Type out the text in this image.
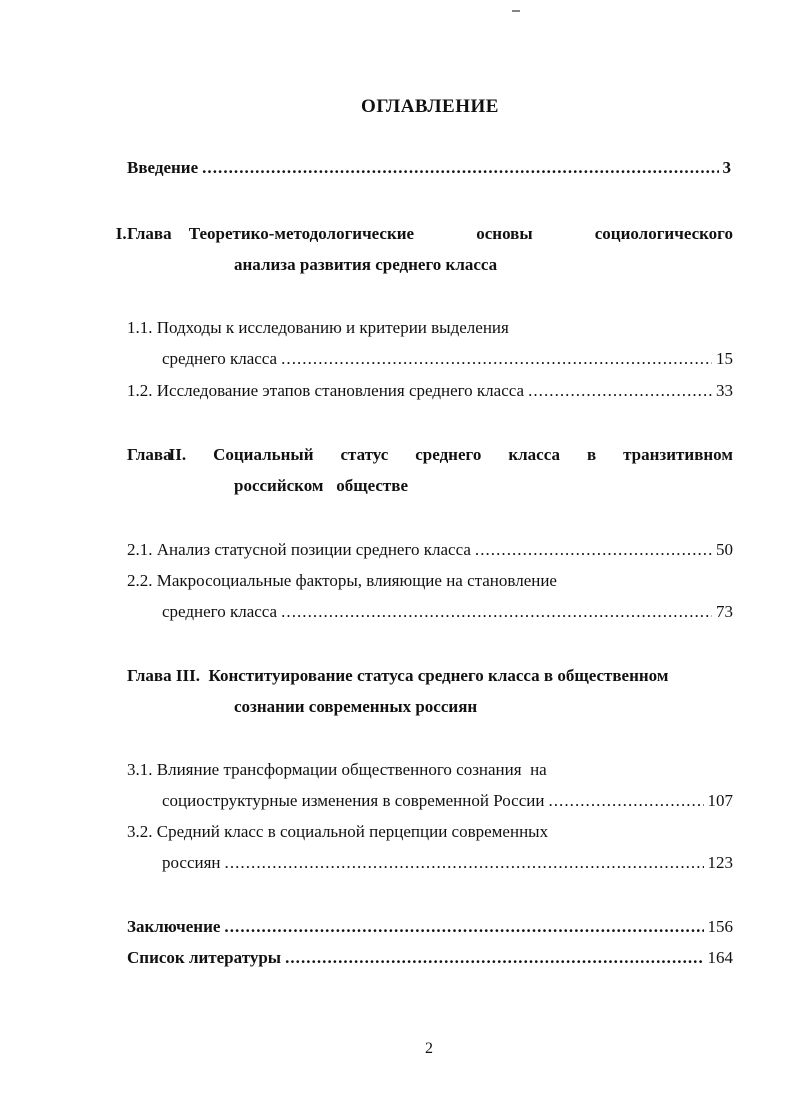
ОГЛАВЛЕНИЕ
Введение . . .	3
Глава
I.	Теоретико-методологические	основы	социологического
анализа развития среднего класса
1.1. Подходы к исследованию и критерии выделения
среднего класса . . .	15
1.2. Исследование этапов становления среднего класса . . .	33
Глава
II. Социальный статус среднего класса в транзитивном
российском   обществе
2.1. Анализ статусной позиции среднего класса . . .	50
2.2. Макросоциальные факторы, влияющие на становление
среднего класса . . .	73
Глава III.  Конституирование статуса среднего класса в общественном
сознании современных россиян
3.1. Влияние трансформации общественного сознания  на
социоструктурные изменения в современной России . . .	107
3.2. Средний класс в социальной перцепции современных
россиян . . .	123
Заключение . . .	156
Список литературы . . .	164
2
